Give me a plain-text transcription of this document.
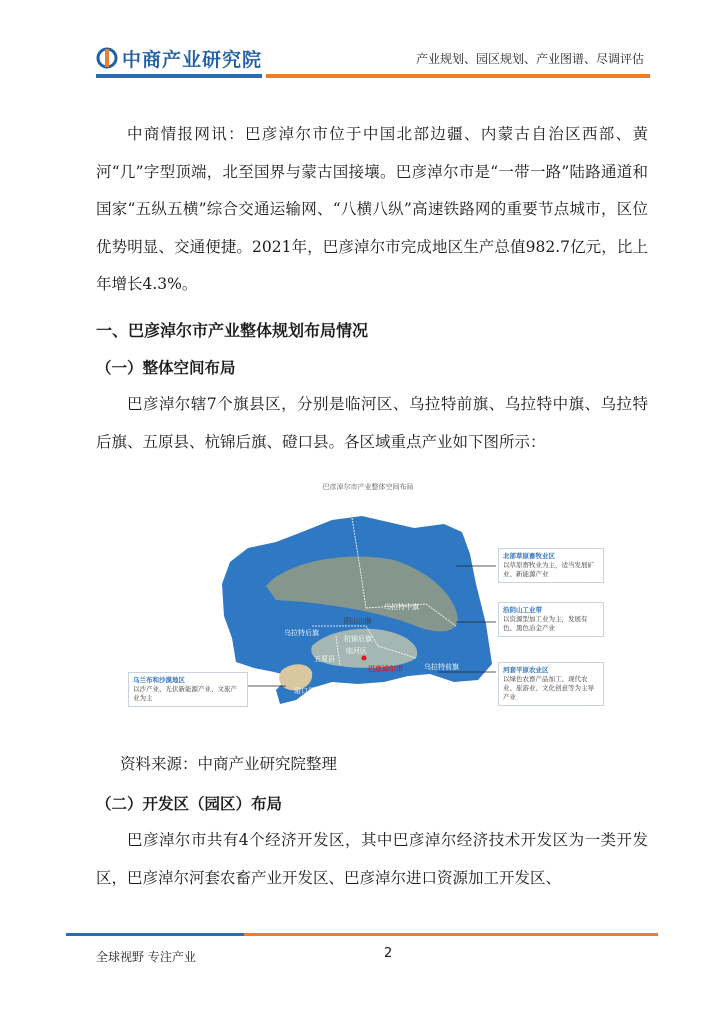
中商产业研究院	产业规划、园区规划、产业图谱、尽调评估
中商情报网讯：巴彦淖尔市位于中国北部边疆、内蒙古自治区西部、黄河“几”字型顶端，北至国界与蒙古国接壤。巴彦淖尔市是“一带一路”陆路通道和国家“五纵五横”综合交通运输网、“八横八纵”高速铁路网的重要节点城市，区位优势明显、交通便捷。2021年，巴彦淖尔市完成地区生产总值982.7亿元，比上年增长4.3%。
一、巴彦淖尔市产业整体规划布局情况
（一）整体空间布局
巴彦淖尔辖7个旗县区，分别是临河区、乌拉特前旗、乌拉特中旗、乌拉特后旗、五原县、杭锦后旗、磴口县。各区域重点产业如下图所示：
巴彦淖尔市产业整体空间布局
乌拉特中旗
阴山山脉
乌拉特后旗
杭锦后旗
五原县
临河区
乌拉特前旗
磴口县
巴彦淖尔市
北部草原畜牧业区
以草原畜牧业为主，适当发展矿业、新能源产业
沿阴山工业带
以资源型加工业为主，发展有色、黑色冶金产业
河套平原农业区
以绿色农畜产品加工、现代农业、旅游业、文化创意等为主导产业
乌兰布和沙漠地区
以沙产业、光伏新能源产业、文旅产业为主
资料来源：中商产业研究院整理
（二）开发区（园区）布局
巴彦淖尔市共有4个经济开发区，其中巴彦淖尔经济技术开发区为一类开发区，巴彦淖尔河套农畜产业开发区、巴彦淖尔进口资源加工开发区、
全球视野 专注产业	2
